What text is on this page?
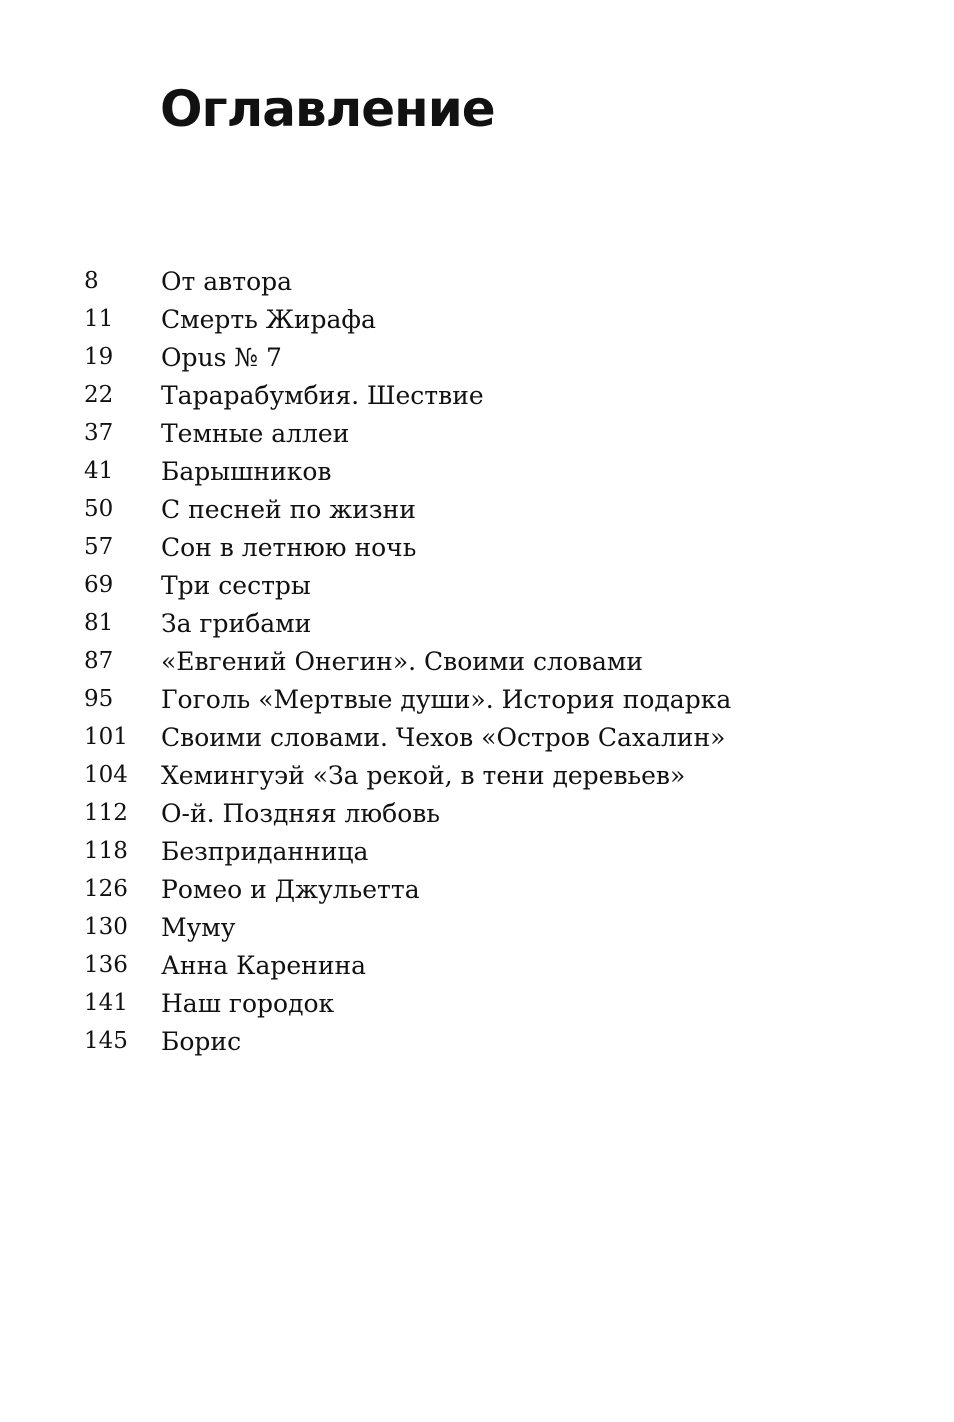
Оглавление
8	От автора
11	Смерть Жирафа
19	Opus № 7
22	Тарарабумбия. Шествие
37	Темные аллеи
41	Барышников
50	С песней по жизни
57	Сон в летнюю ночь
69	Три сестры
81	За грибами
87	«Евгений Онегин». Своими словами
95	Гоголь «Мертвые души». История подарка
101	Своими словами. Чехов «Остров Сахалин»
104	Хемингуэй «За рекой, в тени деревьев»
112	О-й. Поздняя любовь
118	Безприданница
126	Ромео и Джульетта
130	Муму
136	Анна Каренина
141	Наш городок
145	Борис
